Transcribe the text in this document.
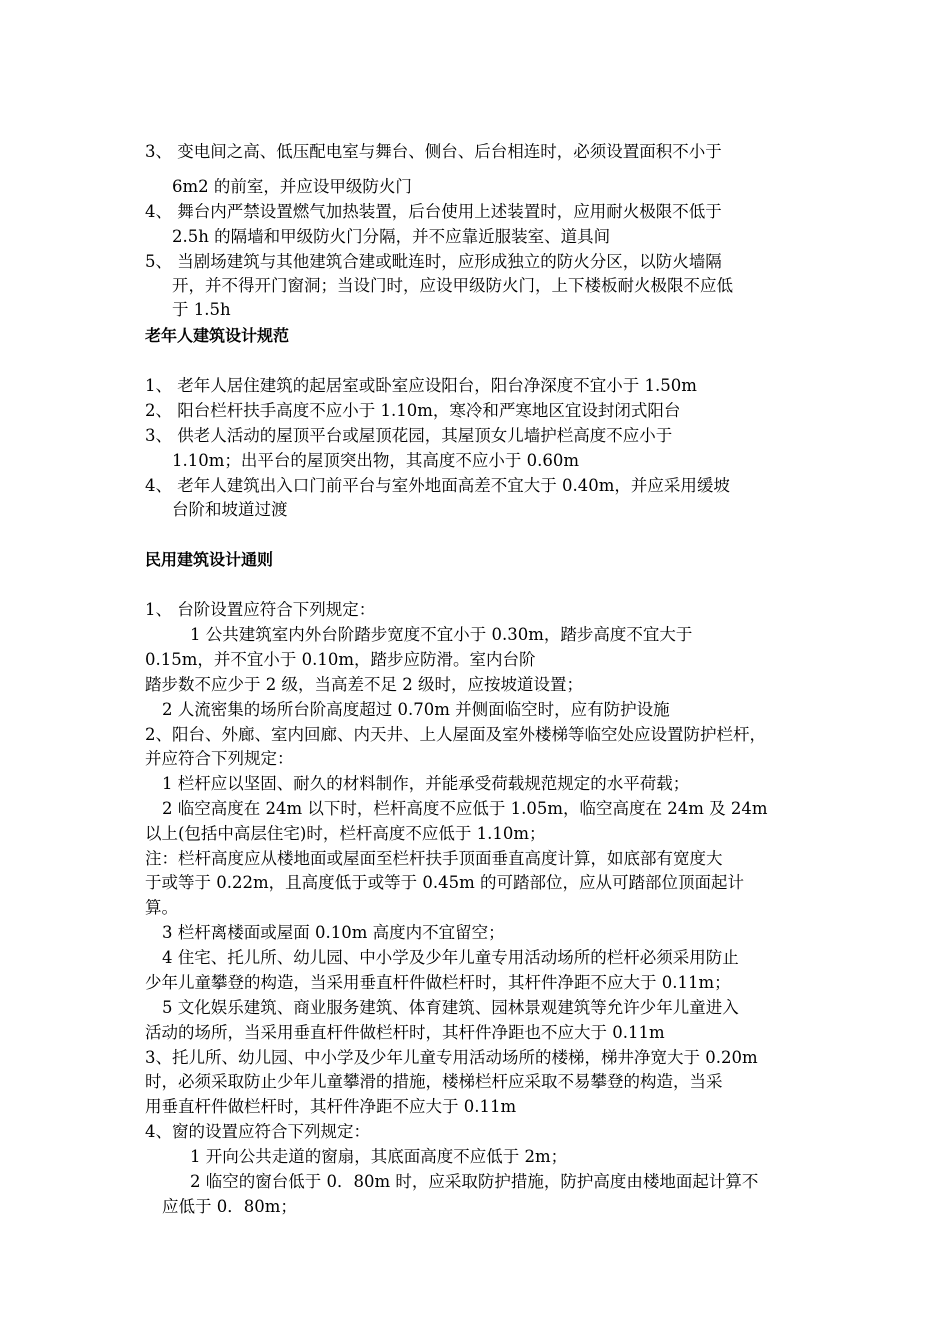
3、 变电间之高、低压配电室与舞台、侧台、后台相连时，必须设置面积不小于
6m2 的前室，并应设甲级防火门
4、 舞台内严禁设置燃气加热装置，后台使用上述装置时，应用耐火极限不低于
2.5h 的隔墙和甲级防火门分隔，并不应靠近服装室、道具间
5、 当剧场建筑与其他建筑合建或毗连时，应形成独立的防火分区，以防火墙隔
开，并不得开门窗洞；当设门时，应设甲级防火门，上下楼板耐火极限不应低
于 1.5h
老年人建筑设计规范
1、 老年人居住建筑的起居室或卧室应设阳台，阳台净深度不宜小于 1.50m
2、 阳台栏杆扶手高度不应小于 1.10m，寒冷和严寒地区宜设封闭式阳台
3、 供老人活动的屋顶平台或屋顶花园，其屋顶女儿墙护栏高度不应小于
1.10m；出平台的屋顶突出物，其高度不应小于 0.60m
4、 老年人建筑出入口门前平台与室外地面高差不宜大于 0.40m，并应采用缓坡
台阶和坡道过渡
民用建筑设计通则
1、 台阶设置应符合下列规定：
1 公共建筑室内外台阶踏步宽度不宜小于 0.30m，踏步高度不宜大于
0.15m，并不宜小于 0.10m，踏步应防滑。室内台阶
踏步数不应少于 2 级，当高差不足 2 级时，应按坡道设置；
2 人流密集的场所台阶高度超过 0.70m 并侧面临空时，应有防护设施
2、阳台、外廊、室内回廊、内天井、上人屋面及室外楼梯等临空处应设置防护栏杆，
并应符合下列规定：
1 栏杆应以坚固、耐久的材料制作，并能承受荷载规范规定的水平荷载；
2 临空高度在 24m 以下时，栏杆高度不应低于 1.05m，临空高度在 24m 及 24m
以上(包括中高层住宅)时，栏杆高度不应低于 1.10m；
注：栏杆高度应从楼地面或屋面至栏杆扶手顶面垂直高度计算，如底部有宽度大
于或等于 0.22m，且高度低于或等于 0.45m 的可踏部位，应从可踏部位顶面起计
算。
3 栏杆离楼面或屋面 0.10m 高度内不宜留空；
4 住宅、托儿所、幼儿园、中小学及少年儿童专用活动场所的栏杆必须采用防止
少年儿童攀登的构造，当采用垂直杆件做栏杆时，其杆件净距不应大于 0.11m；
5 文化娱乐建筑、商业服务建筑、体育建筑、园林景观建筑等允许少年儿童进入
活动的场所，当采用垂直杆件做栏杆时，其杆件净距也不应大于 0.11m
3、托儿所、幼儿园、中小学及少年儿童专用活动场所的楼梯，梯井净宽大于 0.20m
时，必须采取防止少年儿童攀滑的措施，楼梯栏杆应采取不易攀登的构造，当采
用垂直杆件做栏杆时，其杆件净距不应大于 0.11m
4、窗的设置应符合下列规定：
1 开向公共走道的窗扇，其底面高度不应低于 2m；
2 临空的窗台低于 0．80m 时，应采取防护措施，防护高度由楼地面起计算不
应低于 0．80m；
